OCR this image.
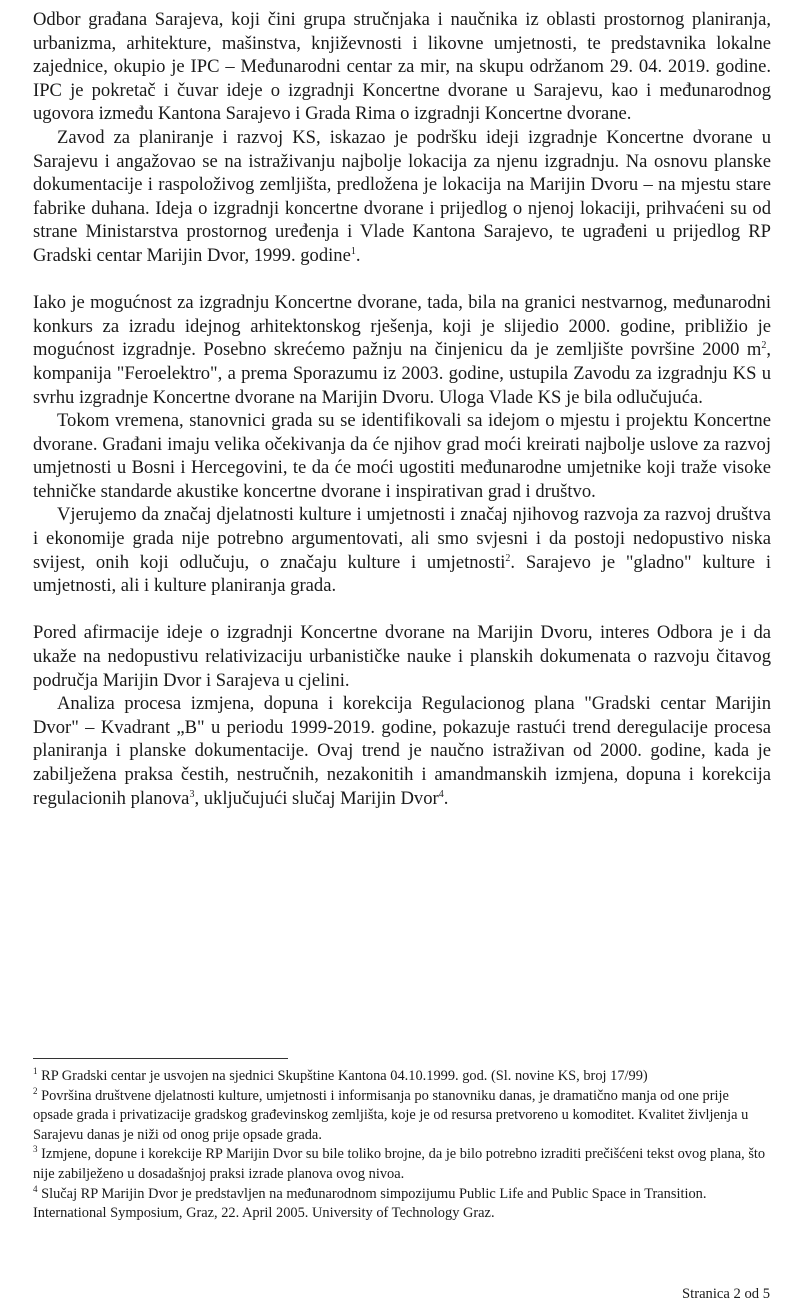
Odbor građana Sarajeva, koji čini grupa stručnjaka i naučnika iz oblasti prostornog planiranja, urbanizma, arhitekture, mašinstva, književnosti i likovne umjetnosti, te predstavnika lokalne zajednice, okupio je IPC – Međunarodni centar za mir, na skupu održanom 29. 04. 2019. godine. IPC je pokretač i čuvar ideje o izgradnji Koncertne dvorane u Sarajevu, kao i međunarodnog ugovora između Kantona Sarajevo i Grada Rima o izgradnji Koncertne dvorane.

Zavod za planiranje i razvoj KS, iskazao je podršku ideji izgradnje Koncertne dvorane u Sarajevu i angažovao se na istraživanju najbolje lokacija za njenu izgradnju. Na osnovu planske dokumentacije i raspoloživog zemljišta, predložena je lokacija na Marijin Dvoru – na mjestu stare fabrike duhana. Ideja o izgradnji koncertne dvorane i prijedlog o njenoj lokaciji, prihvaćeni su od strane Ministarstva prostornog uređenja i Vlade Kantona Sarajevo, te ugrađeni u prijedlog RP Gradski centar Marijin Dvor, 1999. godine$^1$.

Iako je mogućnost za izgradnju Koncertne dvorane, tada, bila na granici nestvarnog, međunarodni konkurs za izradu idejnog arhitektonskog rješenja, koji je slijedio 2000. godine, približio je mogućnost izgradnje. Posebno skrećemo pažnju na činjenicu da je zemljište površine 2000 $m^2$, kompanija "Feroelektro", a prema Sporazumu iz 2003. godine, ustupila Zavodu za izgradnju KS u svrhu izgradnje Koncertne dvorane na Marijin Dvoru. Uloga Vlade KS je bila odlučujuća.

Tokom vremena, stanovnici grada su se identifikovali sa idejom o mjestu i projektu Koncertne dvorane. Građani imaju velika očekivanja da će njihov grad moći kreirati najbolje uslove za razvoj umjetnosti u Bosni i Hercegovini, te da će moći ugostiti međunarodne umjetnike koji traže visoke tehničke standarde akustike koncertne dvorane i inspirativan grad i društvo.

Vjerujemo da značaj djelatnosti kulture i umjetnosti i značaj njihovog razvoja za razvoj društva i ekonomije grada nije potrebno argumentovati, ali smo svjesni i da postoji nedopustivo niska svijest, onih koji odlučuju, o značaju kulture i umjetnosti$^2$. Sarajevo je "gladno" kulture i umjetnosti, ali i kulture planiranja grada.

Pored afirmacije ideje o izgradnji Koncertne dvorane na Marijin Dvoru, interes Odbora je i da ukaže na nedopustivu relativizaciju urbanističke nauke i planskih dokumenata o razvoju čitavog područja Marijin Dvor i Sarajeva u cjelini.

Analiza procesa izmjena, dopuna i korekcija Regulacionog plana "Gradski centar Marijin Dvor" – Kvadrant „B" u periodu 1999-2019. godine, pokazuje rastući trend deregulacije procesa planiranja i planske dokumentacije. Ovaj trend je naučno istraživan od 2000. godine, kada je zabilježena praksa čestih, nestručnih, nezakonitih i amandmanskih izmjena, dopuna i korekcija regulacionih planova$^3$, uključujući slučaj Marijin Dvor$^4$.

$^1$ RP Gradski centar je usvojen na sjednici Skupštine Kantona 04.10.1999. god. (Sl. novine KS, broj 17/99)

$^2$ Površina društvene djelatnosti kulture, umjetnosti i informisanja po stanovniku danas, je dramatično manja od one prije opsade grada i privatizacije gradskog građevinskog zemljišta, koje je od resursa pretvoreno u komoditet. Kvalitet življenja u Sarajevu danas je niži od onog prije opsade grada.

$^3$ Izmjene, dopune i korekcije RP Marijin Dvor su bile toliko brojne, da je bilo potrebno izraditi prečišćeni tekst ovog plana, što nije zabilježeno u dosadašnjoj praksi izrade planova ovog nivoa.

$^4$ Slučaj RP Marijin Dvor je predstavljen na međunarodnom simpozijumu Public Life and Public Space in Transition. International Symposium, Graz, 22. April 2005. University of Technology Graz.

Stranica 2 od 5
